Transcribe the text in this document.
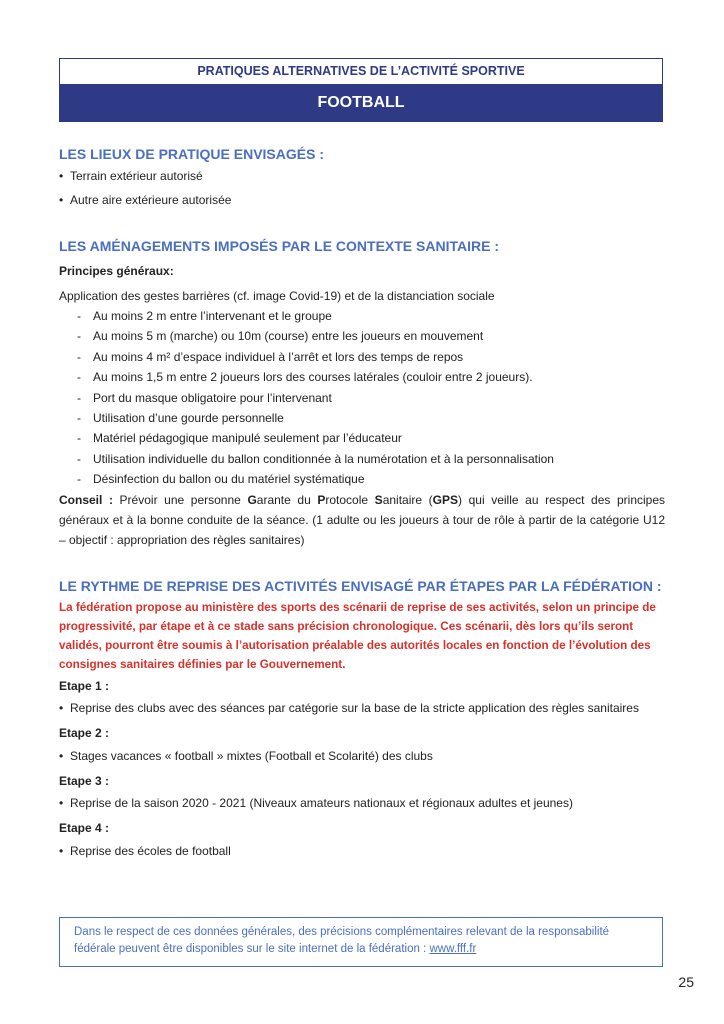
PRATIQUES ALTERNATIVES DE L’ACTIVITÉ SPORTIVE
FOOTBALL
LES LIEUX DE PRATIQUE ENVISAGÉS :
• Terrain extérieur autorisé
• Autre aire extérieure autorisée
LES AMÉNAGEMENTS IMPOSÉS PAR LE CONTEXTE SANITAIRE :

Principes généraux:

Application des gestes barrières (cf. image Covid-19) et de la distanciation sociale

- Au moins 2 m entre l’intervenant et le groupe
- Au moins 5 m (marche) ou 10m (course) entre les joueurs en mouvement
- Au moins 4 m² d’espace individuel à l’arrêt et lors des temps de repos
- Au moins 1,5 m entre 2 joueurs lors des courses latérales (couloir entre 2 joueurs).
- Port du masque obligatoire pour l’intervenant
- Utilisation d’une gourde personnelle
- Matériel pédagogique manipulé seulement par l’éducateur
- Utilisation individuelle du ballon conditionnée à la numérotation et à la personnalisation
- Désinfection du ballon ou du matériel systématique

Conseil : Prévoir une personne Garante du Protocole Sanitaire (GPS) qui veille au respect des principes généraux et à la bonne conduite de la séance. (1 adulte ou les joueurs à tour de rôle à partir de la catégorie U12 – objectif : appropriation des règles sanitaires)

LE RYTHME DE REPRISE DES ACTIVITÉS ENVISAGÉ PAR ÉTAPES PAR LA FÉDÉRATION :

La fédération propose au ministère des sports des scénarii de reprise de ses activités, selon un principe de progressivité, par étape et à ce stade sans précision chronologique. Ces scénarii, dès lors qu’ils seront validés, pourront être soumis à l’autorisation préalable des autorités locales en fonction de l’évolution des consignes sanitaires définies par le Gouvernement.

Etape 1 :

• Reprise des clubs avec des séances par catégorie sur la base de la stricte application des règles sanitaires

Etape 2 :

• Stages vacances « football » mixtes (Football et Scolarité) des clubs

Etape 3 :

• Reprise de la saison 2020 - 2021 (Niveaux amateurs nationaux et régionaux adultes et jeunes)

Etape 4 :

• Reprise des écoles de football
Dans le respect de ces données générales, des précisions complémentaires relevant de la responsabilité fédérale peuvent être disponibles sur le site internet de la fédération : www.fff.fr
25
